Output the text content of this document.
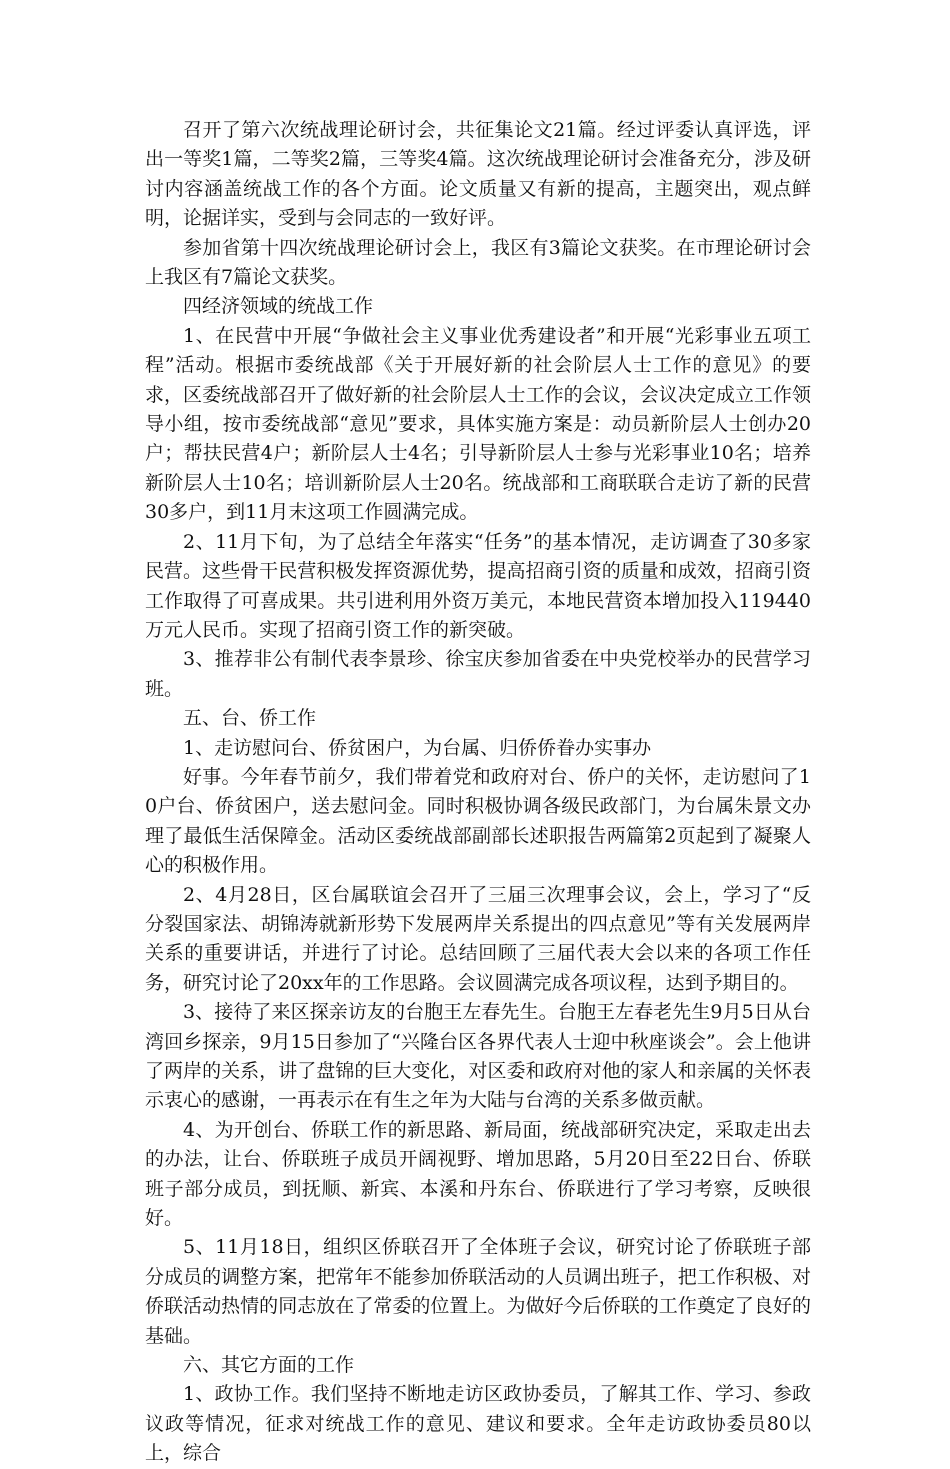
召开了第六次统战理论研讨会，共征集论文21篇。经过评委认真评选，评出一等奖1篇，二等奖2篇，三等奖4篇。这次统战理论研讨会准备充分，涉及研讨内容涵盖统战工作的各个方面。论文质量又有新的提高，主题突出，观点鲜明，论据详实，受到与会同志的一致好评。

参加省第十四次统战理论研讨会上，我区有3篇论文获奖。在市理论研讨会上我区有7篇论文获奖。

四经济领域的统战工作

1、在民营中开展“争做社会主义事业优秀建设者”和开展“光彩事业五项工程”活动。根据市委统战部《关于开展好新的社会阶层人士工作的意见》的要求，区委统战部召开了做好新的社会阶层人士工作的会议，会议决定成立工作领导小组，按市委统战部“意见”要求，具体实施方案是：动员新阶层人士创办20户；帮扶民营4户；新阶层人士4名；引导新阶层人士参与光彩事业10名；培养新阶层人士10名；培训新阶层人士20名。统战部和工商联联合走访了新的民营30多户，到11月末这项工作圆满完成。

2、11月下旬，为了总结全年落实“任务”的基本情况，走访调查了30多家民营。这些骨干民营积极发挥资源优势，提高招商引资的质量和成效，招商引资工作取得了可喜成果。共引进利用外资万美元，本地民营资本增加投入119440万元人民币。实现了招商引资工作的新突破。

3、推荐非公有制代表李景珍、徐宝庆参加省委在中央党校举办的民营学习班。

五、台、侨工作

1、走访慰问台、侨贫困户，为台属、归侨侨眷办实事办

好事。今年春节前夕，我们带着党和政府对台、侨户的关怀，走访慰问了10户台、侨贫困户，送去慰问金。同时积极协调各级民政部门，为台属朱景文办理了最低生活保障金。活动区委统战部副部长述职报告两篇第2页起到了凝聚人心的积极作用。

2、4月28日，区台属联谊会召开了三届三次理事会议，会上，学习了“反分裂国家法、胡锦涛就新形势下发展两岸关系提出的四点意见”等有关发展两岸关系的重要讲话，并进行了讨论。总结回顾了三届代表大会以来的各项工作任务，研究讨论了20xx年的工作思路。会议圆满完成各项议程，达到予期目的。

3、接待了来区探亲访友的台胞王左春先生。台胞王左春老先生9月5日从台湾回乡探亲，9月15日参加了“兴隆台区各界代表人士迎中秋座谈会”。会上他讲了两岸的关系，讲了盘锦的巨大变化，对区委和政府对他的家人和亲属的关怀表示衷心的感谢，一再表示在有生之年为大陆与台湾的关系多做贡献。

4、为开创台、侨联工作的新思路、新局面，统战部研究决定，采取走出去的办法，让台、侨联班子成员开阔视野、增加思路，5月20日至22日台、侨联班子部分成员，到抚顺、新宾、本溪和丹东台、侨联进行了学习考察，反映很好。

5、11月18日，组织区侨联召开了全体班子会议，研究讨论了侨联班子部分成员的调整方案，把常年不能参加侨联活动的人员调出班子，把工作积极、对侨联活动热情的同志放在了常委的位置上。为做好今后侨联的工作奠定了良好的基础。

六、其它方面的工作

1、政协工作。我们坚持不断地走访区政协委员，了解其工作、学习、参政议政等情况，征求对统战工作的意见、建议和要求。全年走访政协委员80以上，综合
